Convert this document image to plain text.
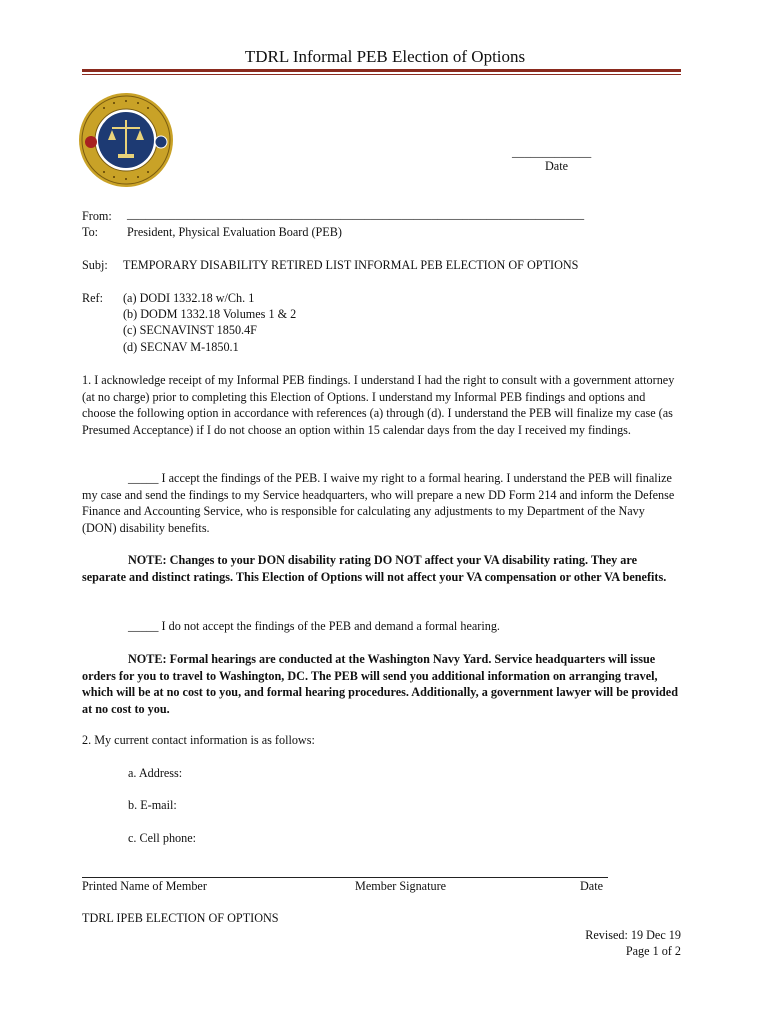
TDRL Informal PEB Election of Options
_____________
Date
From: ___________________________________________________________________________
To: President, Physical Evaluation Board (PEB)
Subj: TEMPORARY DISABILITY RETIRED LIST INFORMAL PEB ELECTION OF OPTIONS
Ref: (a) DODI 1332.18 w/Ch. 1
(b) DODM 1332.18 Volumes 1 & 2
(c) SECNAVINST 1850.4F
(d) SECNAV M-1850.1
1. I acknowledge receipt of my Informal PEB findings. I understand I had the right to consult with a government attorney (at no charge) prior to completing this Election of Options. I understand my Informal PEB findings and options and choose the following option in accordance with references (a) through (d). I understand the PEB will finalize my case (as Presumed Acceptance) if I do not choose an option within 15 calendar days from the day I received my findings.
_____ I accept the findings of the PEB. I waive my right to a formal hearing. I understand the PEB will finalize my case and send the findings to my Service headquarters, who will prepare a new DD Form 214 and inform the Defense Finance and Accounting Service, who is responsible for calculating any adjustments to my Department of the Navy (DON) disability benefits.
NOTE: Changes to your DON disability rating DO NOT affect your VA disability rating. They are separate and distinct ratings. This Election of Options will not affect your VA compensation or other VA benefits.
_____ I do not accept the findings of the PEB and demand a formal hearing.
NOTE: Formal hearings are conducted at the Washington Navy Yard. Service headquarters will issue orders for you to travel to Washington, DC. The PEB will send you additional information on arranging travel, which will be at no cost to you, and formal hearing procedures. Additionally, a government lawyer will be provided at no cost to you.
2. My current contact information is as follows:
a. Address:
b. E-mail:
c. Cell phone:
Printed Name of Member	Member Signature	Date
TDRL IPEB ELECTION OF OPTIONS
Revised: 19 Dec 19
Page 1 of 2
